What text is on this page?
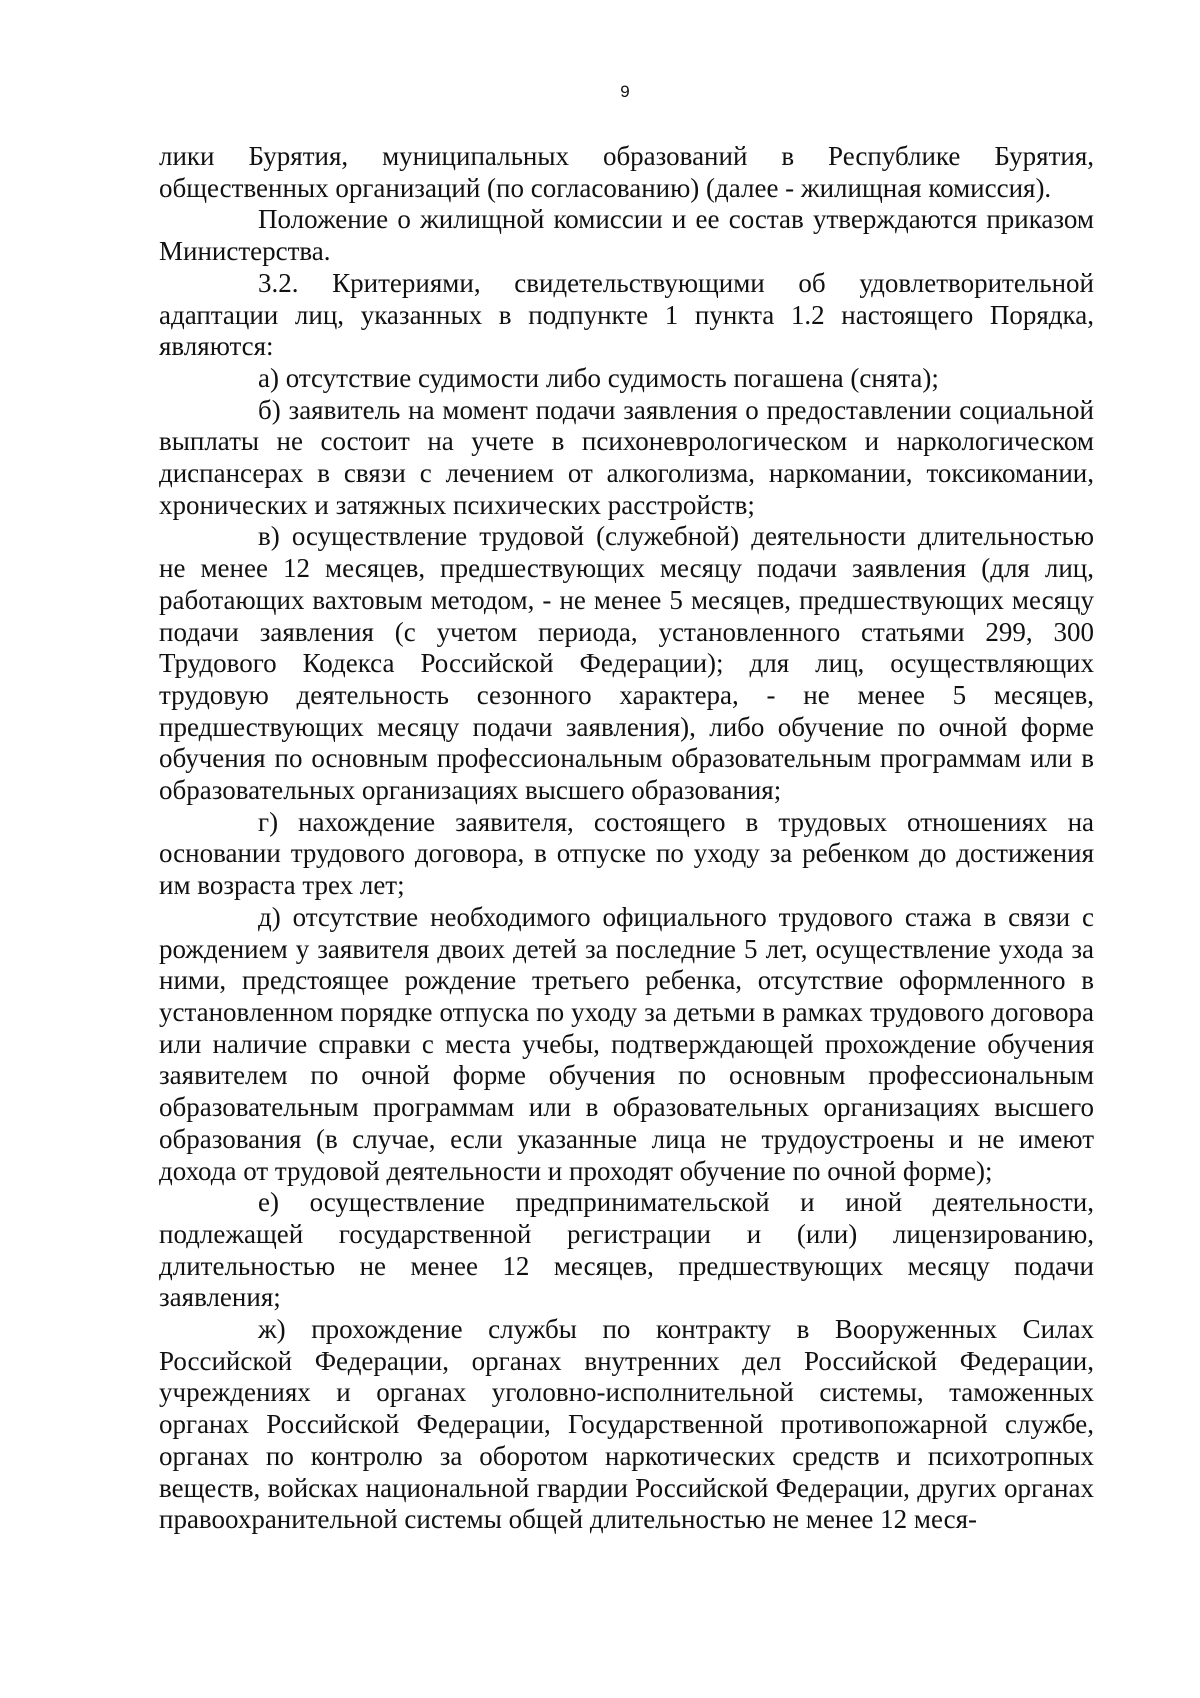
9

лики Бурятия, муниципальных образований в Республике Бурятия, общественных организаций (по согласованию) (далее - жилищная комиссия).

Положение о жилищной комиссии и ее состав утверждаются приказом Министерства.

3.2. Критериями, свидетельствующими об удовлетворительной адаптации лиц, указанных в подпункте 1 пункта 1.2 настоящего Порядка, являются:

а) отсутствие судимости либо судимость погашена (снята);

б) заявитель на момент подачи заявления о предоставлении социальной выплаты не состоит на учете в психоневрологическом и наркологическом диспансерах в связи с лечением от алкоголизма, наркомании, токсикомании, хронических и затяжных психических расстройств;

в) осуществление трудовой (служебной) деятельности длительностью не менее 12 месяцев, предшествующих месяцу подачи заявления (для лиц, работающих вахтовым методом, - не менее 5 месяцев, предшествующих месяцу подачи заявления (с учетом периода, установленного статьями 299, 300 Трудового Кодекса Российской Федерации); для лиц, осуществляющих трудовую деятельность сезонного характера, - не менее 5 месяцев, предшествующих месяцу подачи заявления), либо обучение по очной форме обучения по основным профессиональным образовательным программам или в образовательных организациях высшего образования;

г) нахождение заявителя, состоящего в трудовых отношениях на основании трудового договора, в отпуске по уходу за ребенком до достижения им возраста трех лет;

д) отсутствие необходимого официального трудового стажа в связи с рождением у заявителя двоих детей за последние 5 лет, осуществление ухода за ними, предстоящее рождение третьего ребенка, отсутствие оформленного в установленном порядке отпуска по уходу за детьми в рамках трудового договора или наличие справки с места учебы, подтверждающей прохождение обучения заявителем по очной форме обучения по основным профессиональным образовательным программам или в образовательных организациях высшего образования (в случае, если указанные лица не трудоустроены и не имеют дохода от трудовой деятельности и проходят обучение по очной форме);

е) осуществление предпринимательской и иной деятельности, подлежащей государственной регистрации и (или) лицензированию, длительностью не менее 12 месяцев, предшествующих месяцу подачи заявления;

ж) прохождение службы по контракту в Вооруженных Силах Российской Федерации, органах внутренних дел Российской Федерации, учреждениях и органах уголовно-исполнительной системы, таможенных органах Российской Федерации, Государственной противопожарной службе, органах по контролю за оборотом наркотических средств и психотропных веществ, войсках национальной гвардии Российской Федерации, других органах правоохранительной системы общей длительностью не менее 12 меся-
